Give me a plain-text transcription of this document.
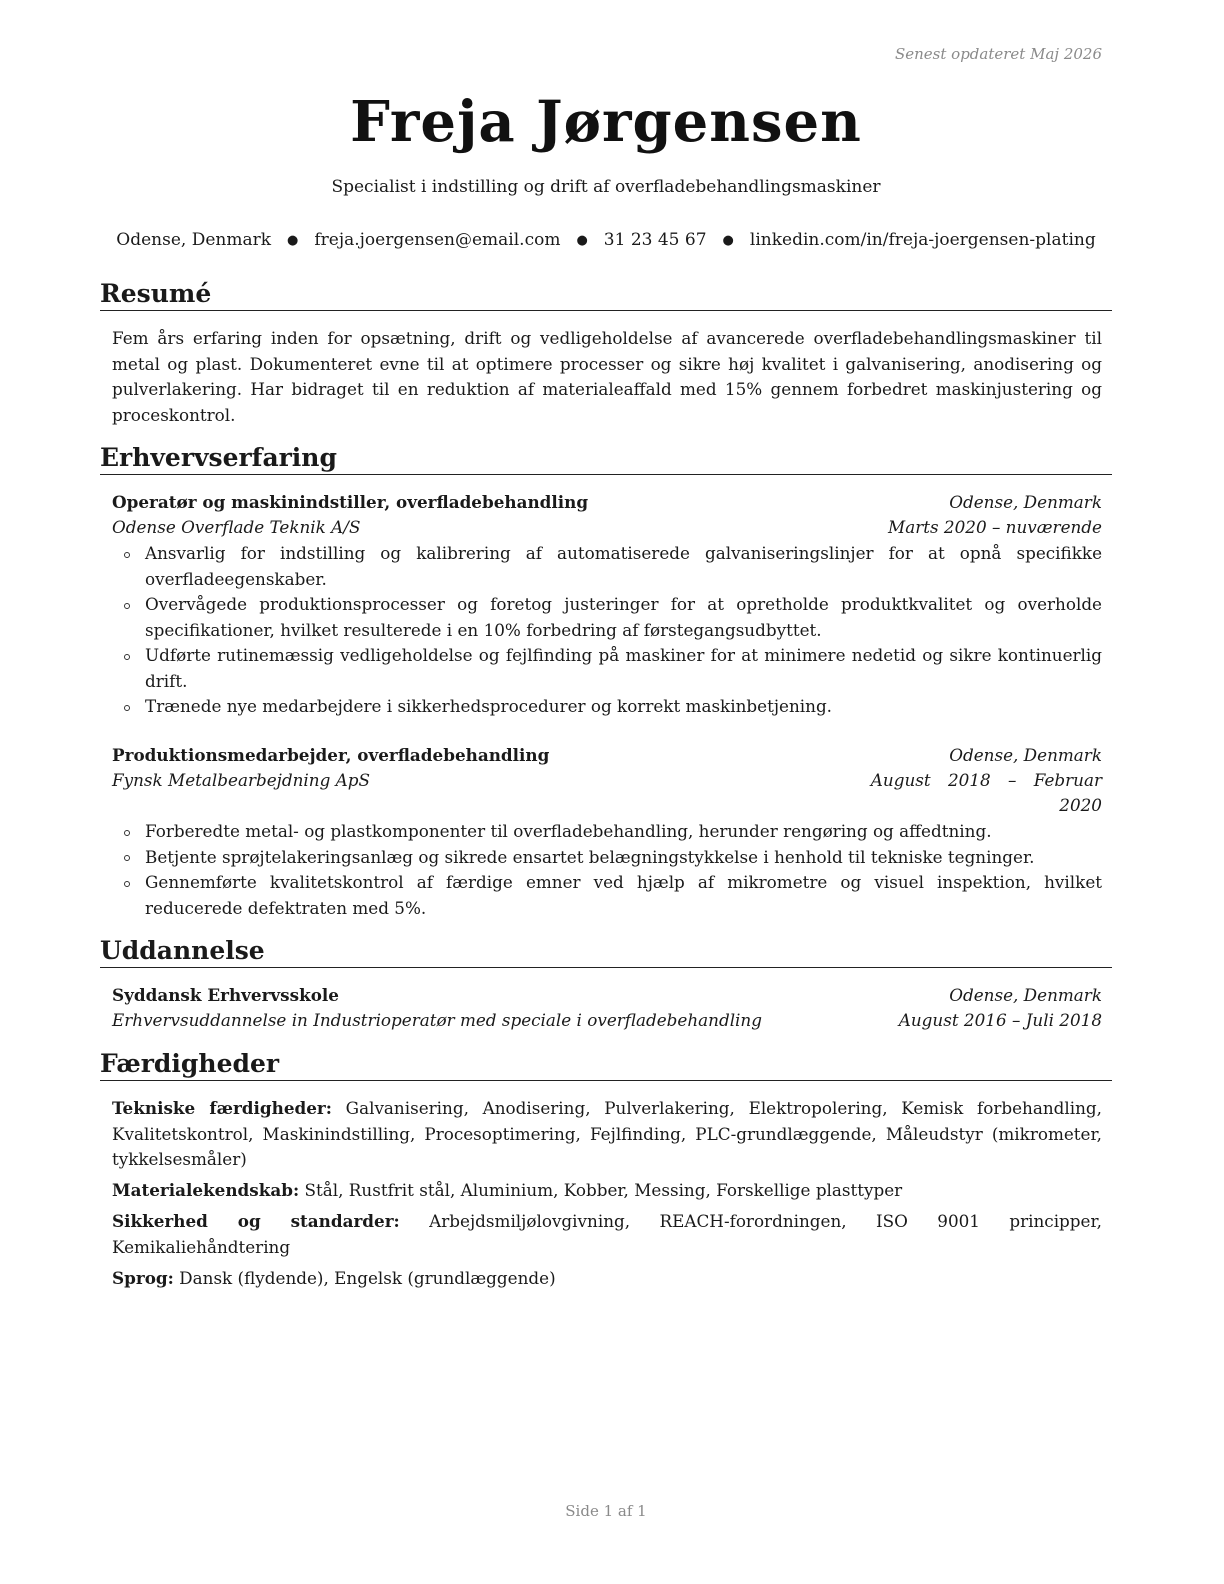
Senest opdateret Maj 2026
Freja Jørgensen
Specialist i indstilling og drift af overfladebehandlingsmaskiner
Odense, Denmark ● freja.joergensen@email.com ● 31 23 45 67 ● linkedin.com/in/freja-joergensen-plating
Resumé
Fem års erfaring inden for opsætning, drift og vedligeholdelse af avancerede overfladebehandlingsmaskiner til metal og plast. Dokumenteret evne til at optimere processer og sikre høj kvalitet i galvanisering, anodisering og pulverlakering. Har bidraget til en reduktion af materialeaffald med 15% gennem forbedret maskinjustering og proceskontrol.
Erhvervserfaring
Operatør og maskinindstiller, overfladebehandling	Odense, Denmark
Odense Overflade Teknik A/S	Marts 2020 – nuværende
Ansvarlig for indstilling og kalibrering af automatiserede galvaniseringslinjer for at opnå specifikke overfladeegenskaber.
Overvågede produktionsprocesser og foretog justeringer for at opretholde produktkvalitet og overholde specifikationer, hvilket resulterede i en 10% forbedring af førstegangsudbyttet.
Udførte rutinemæssig vedligeholdelse og fejlfinding på maskiner for at minimere nedetid og sikre kontinuerlig drift.
Trænede nye medarbejdere i sikkerhedsprocedurer og korrekt maskinbetjening.
Produktionsmedarbejder, overfladebehandling	Odense, Denmark
Fynsk Metalbearbejdning ApS	August 2018 – Februar
2020
Forberedte metal- og plastkomponenter til overfladebehandling, herunder rengøring og affedtning.
Betjente sprøjtelakeringsanlæg og sikrede ensartet belægningstykkelse i henhold til tekniske tegninger.
Gennemførte kvalitetskontrol af færdige emner ved hjælp af mikrometre og visuel inspektion, hvilket reducerede defektraten med 5%.
Uddannelse
Syddansk Erhvervsskole	Odense, Denmark
Erhvervsuddannelse in Industrioperatør med speciale i overfladebehandling	August 2016 – Juli 2018
Færdigheder
Tekniske færdigheder: Galvanisering, Anodisering, Pulverlakering, Elektropolering, Kemisk forbehandling, Kvalitetskontrol, Maskinindstilling, Procesoptimering, Fejlfinding, PLC-grundlæggende, Måleudstyr (mikrometer, tykkelsesmåler)
Materialekendskab: Stål, Rustfrit stål, Aluminium, Kobber, Messing, Forskellige plasttyper
Sikkerhed og standarder: Arbejdsmiljølovgivning, REACH-forordningen, ISO 9001 principper, Kemikaliehåndtering
Sprog: Dansk (flydende), Engelsk (grundlæggende)
Side 1 af 1
